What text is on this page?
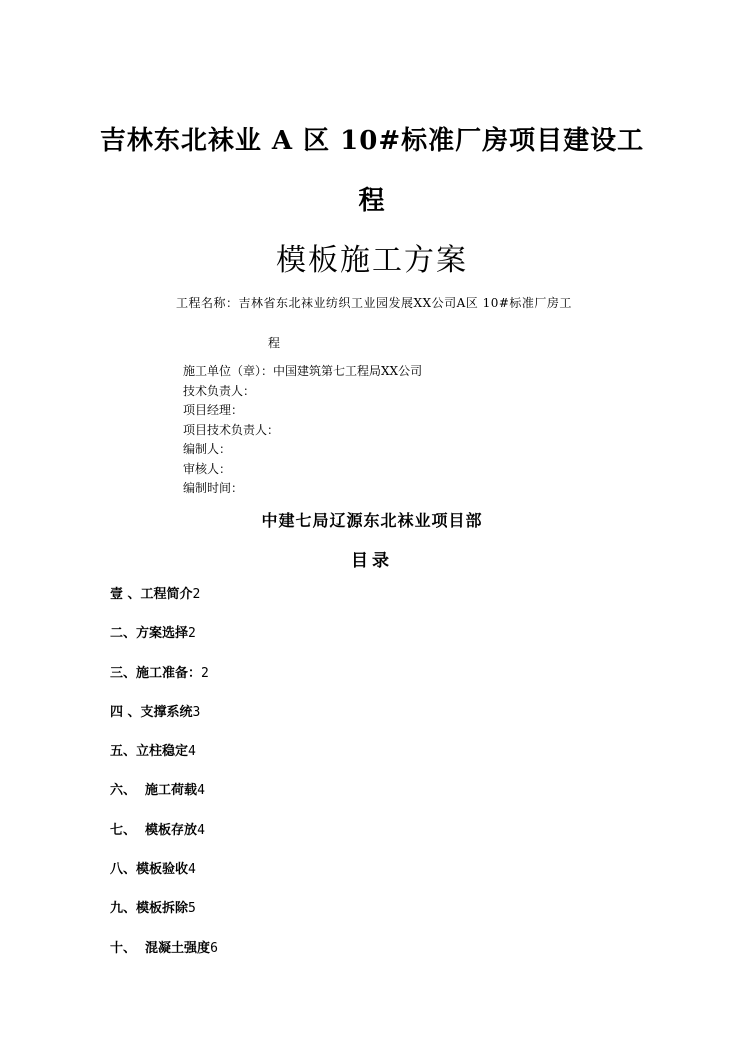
吉林东北袜业 A 区 10#标准厂房项目建设工
程
模板施工方案
工程名称：吉林省东北袜业纺织工业园发展XX公司A区 10#标准厂房工
程
施工单位（章）：中国建筑第七工程局XX公司
技术负责人：
项目经理：
项目技术负责人：
编制人：
审核人：
编制时间：
中建七局辽源东北袜业项目部
目录
壹 、工程简介2
二、方案选择2
三、施工准备：2
四 、支撑系统3
五、立柱稳定4
六、  施工荷载4
七、  模板存放4
八、模板验收4
九、模板拆除5
十、  混凝土强度6
